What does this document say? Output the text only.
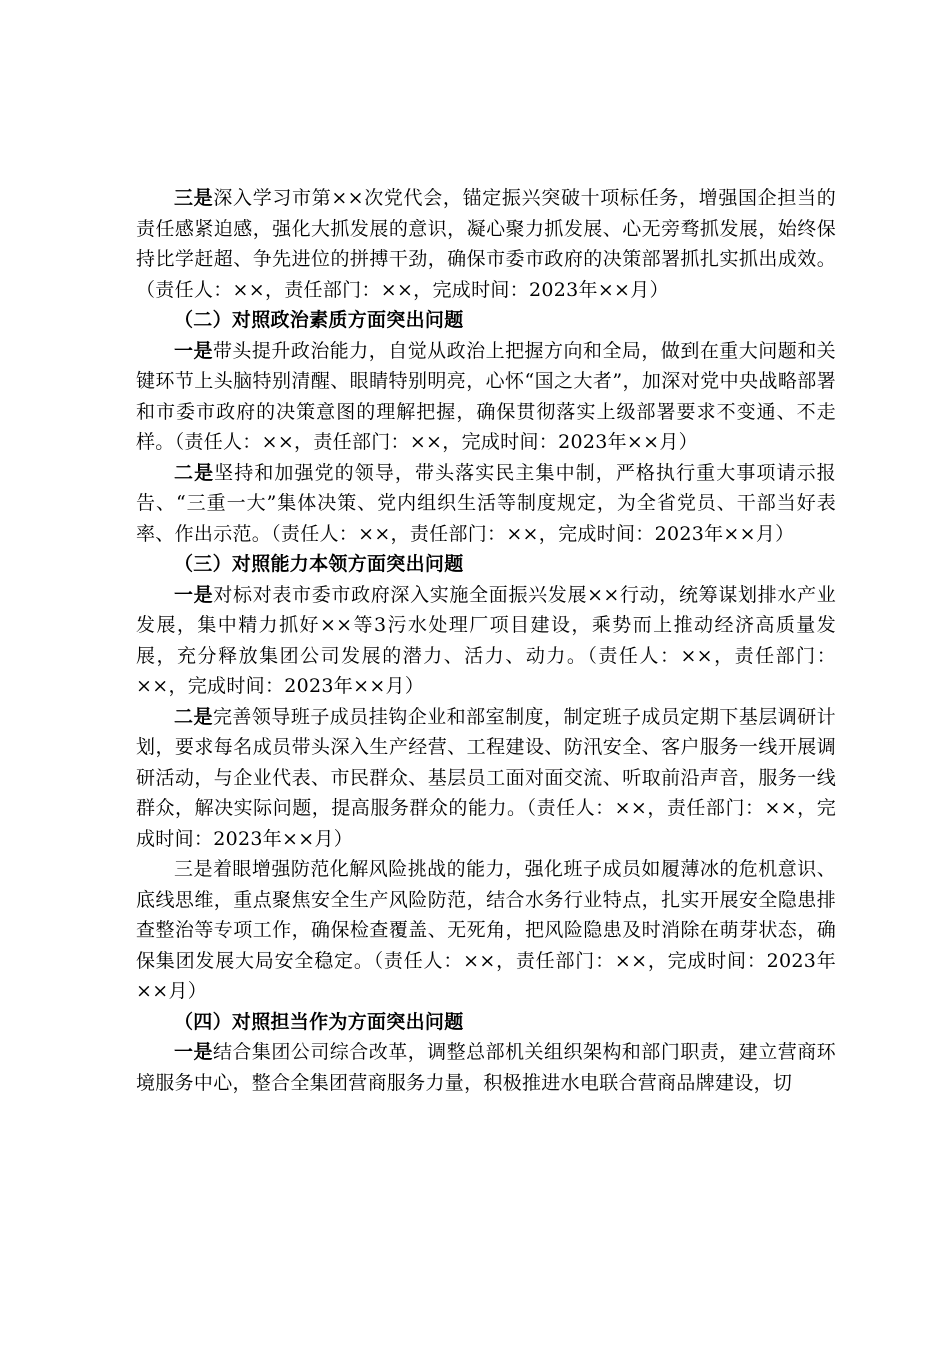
三是深入学习市第××次党代会，锚定振兴突破十项标任务，增强国企担当的责任感紧迫感，强化大抓发展的意识，凝心聚力抓发展、心无旁骛抓发展，始终保持比学赶超、争先进位的拼搏干劲，确保市委市政府的决策部署抓扎实抓出成效。（责任人：××，责任部门：××，完成时间：2023年××月）

（二）对照政治素质方面突出问题

一是带头提升政治能力，自觉从政治上把握方向和全局，做到在重大问题和关键环节上头脑特别清醒、眼睛特别明亮，心怀“国之大者”，加深对党中央战略部署和市委市政府的决策意图的理解把握，确保贯彻落实上级部署要求不变通、不走样。（责任人：××，责任部门：××，完成时间：2023年××月）

二是坚持和加强党的领导，带头落实民主集中制，严格执行重大事项请示报告、“三重一大”集体决策、党内组织生活等制度规定，为全省党员、干部当好表率、作出示范。（责任人：××，责任部门：××，完成时间：2023年××月）

（三）对照能力本领方面突出问题

一是对标对表市委市政府深入实施全面振兴发展××行动，统筹谋划排水产业发展，集中精力抓好××等3污水处理厂项目建设，乘势而上推动经济高质量发展，充分释放集团公司发展的潜力、活力、动力。（责任人：××，责任部门：××，完成时间：2023年××月）

二是完善领导班子成员挂钩企业和部室制度，制定班子成员定期下基层调研计划，要求每名成员带头深入生产经营、工程建设、防汛安全、客户服务一线开展调研活动，与企业代表、市民群众、基层员工面对面交流、听取前沿声音，服务一线群众，解决实际问题，提高服务群众的能力。（责任人：××，责任部门：××，完成时间：2023年××月）

三是着眼增强防范化解风险挑战的能力，强化班子成员如履薄冰的危机意识、底线思维，重点聚焦安全生产风险防范，结合水务行业特点，扎实开展安全隐患排查整治等专项工作，确保检查覆盖、无死角，把风险隐患及时消除在萌芽状态，确保集团发展大局安全稳定。（责任人：××，责任部门：××，完成时间：2023年××月）

（四）对照担当作为方面突出问题

一是结合集团公司综合改革，调整总部机关组织架构和部门职责，建立营商环境服务中心，整合全集团营商服务力量，积极推进水电联合营商品牌建设，切
